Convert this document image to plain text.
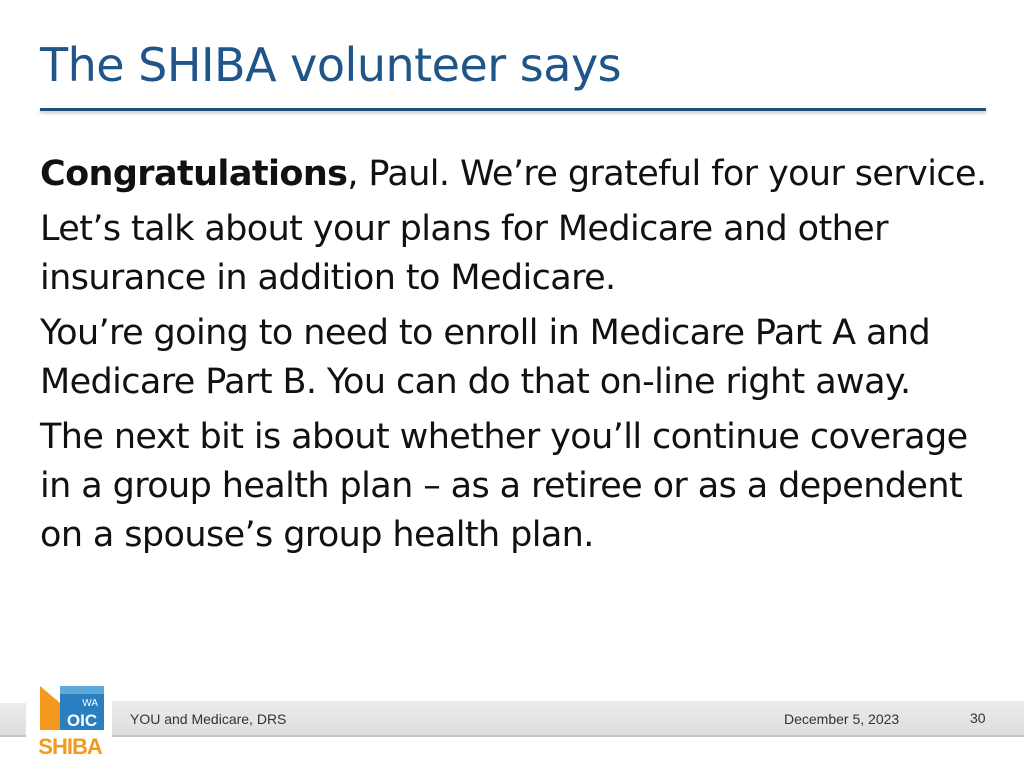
The SHIBA volunteer says

Congratulations, Paul. We’re grateful for your service.

Let’s talk about your plans for Medicare and other insurance in addition to Medicare.

You’re going to need to enroll in Medicare Part A and Medicare Part B. You can do that on-line right away.

The next bit is about whether you’ll continue coverage in a group health plan – as a retiree or as a dependent on a spouse’s group health plan.

WA
OIC
SHIBA
YOU and Medicare, DRS	December 5, 2023	30
